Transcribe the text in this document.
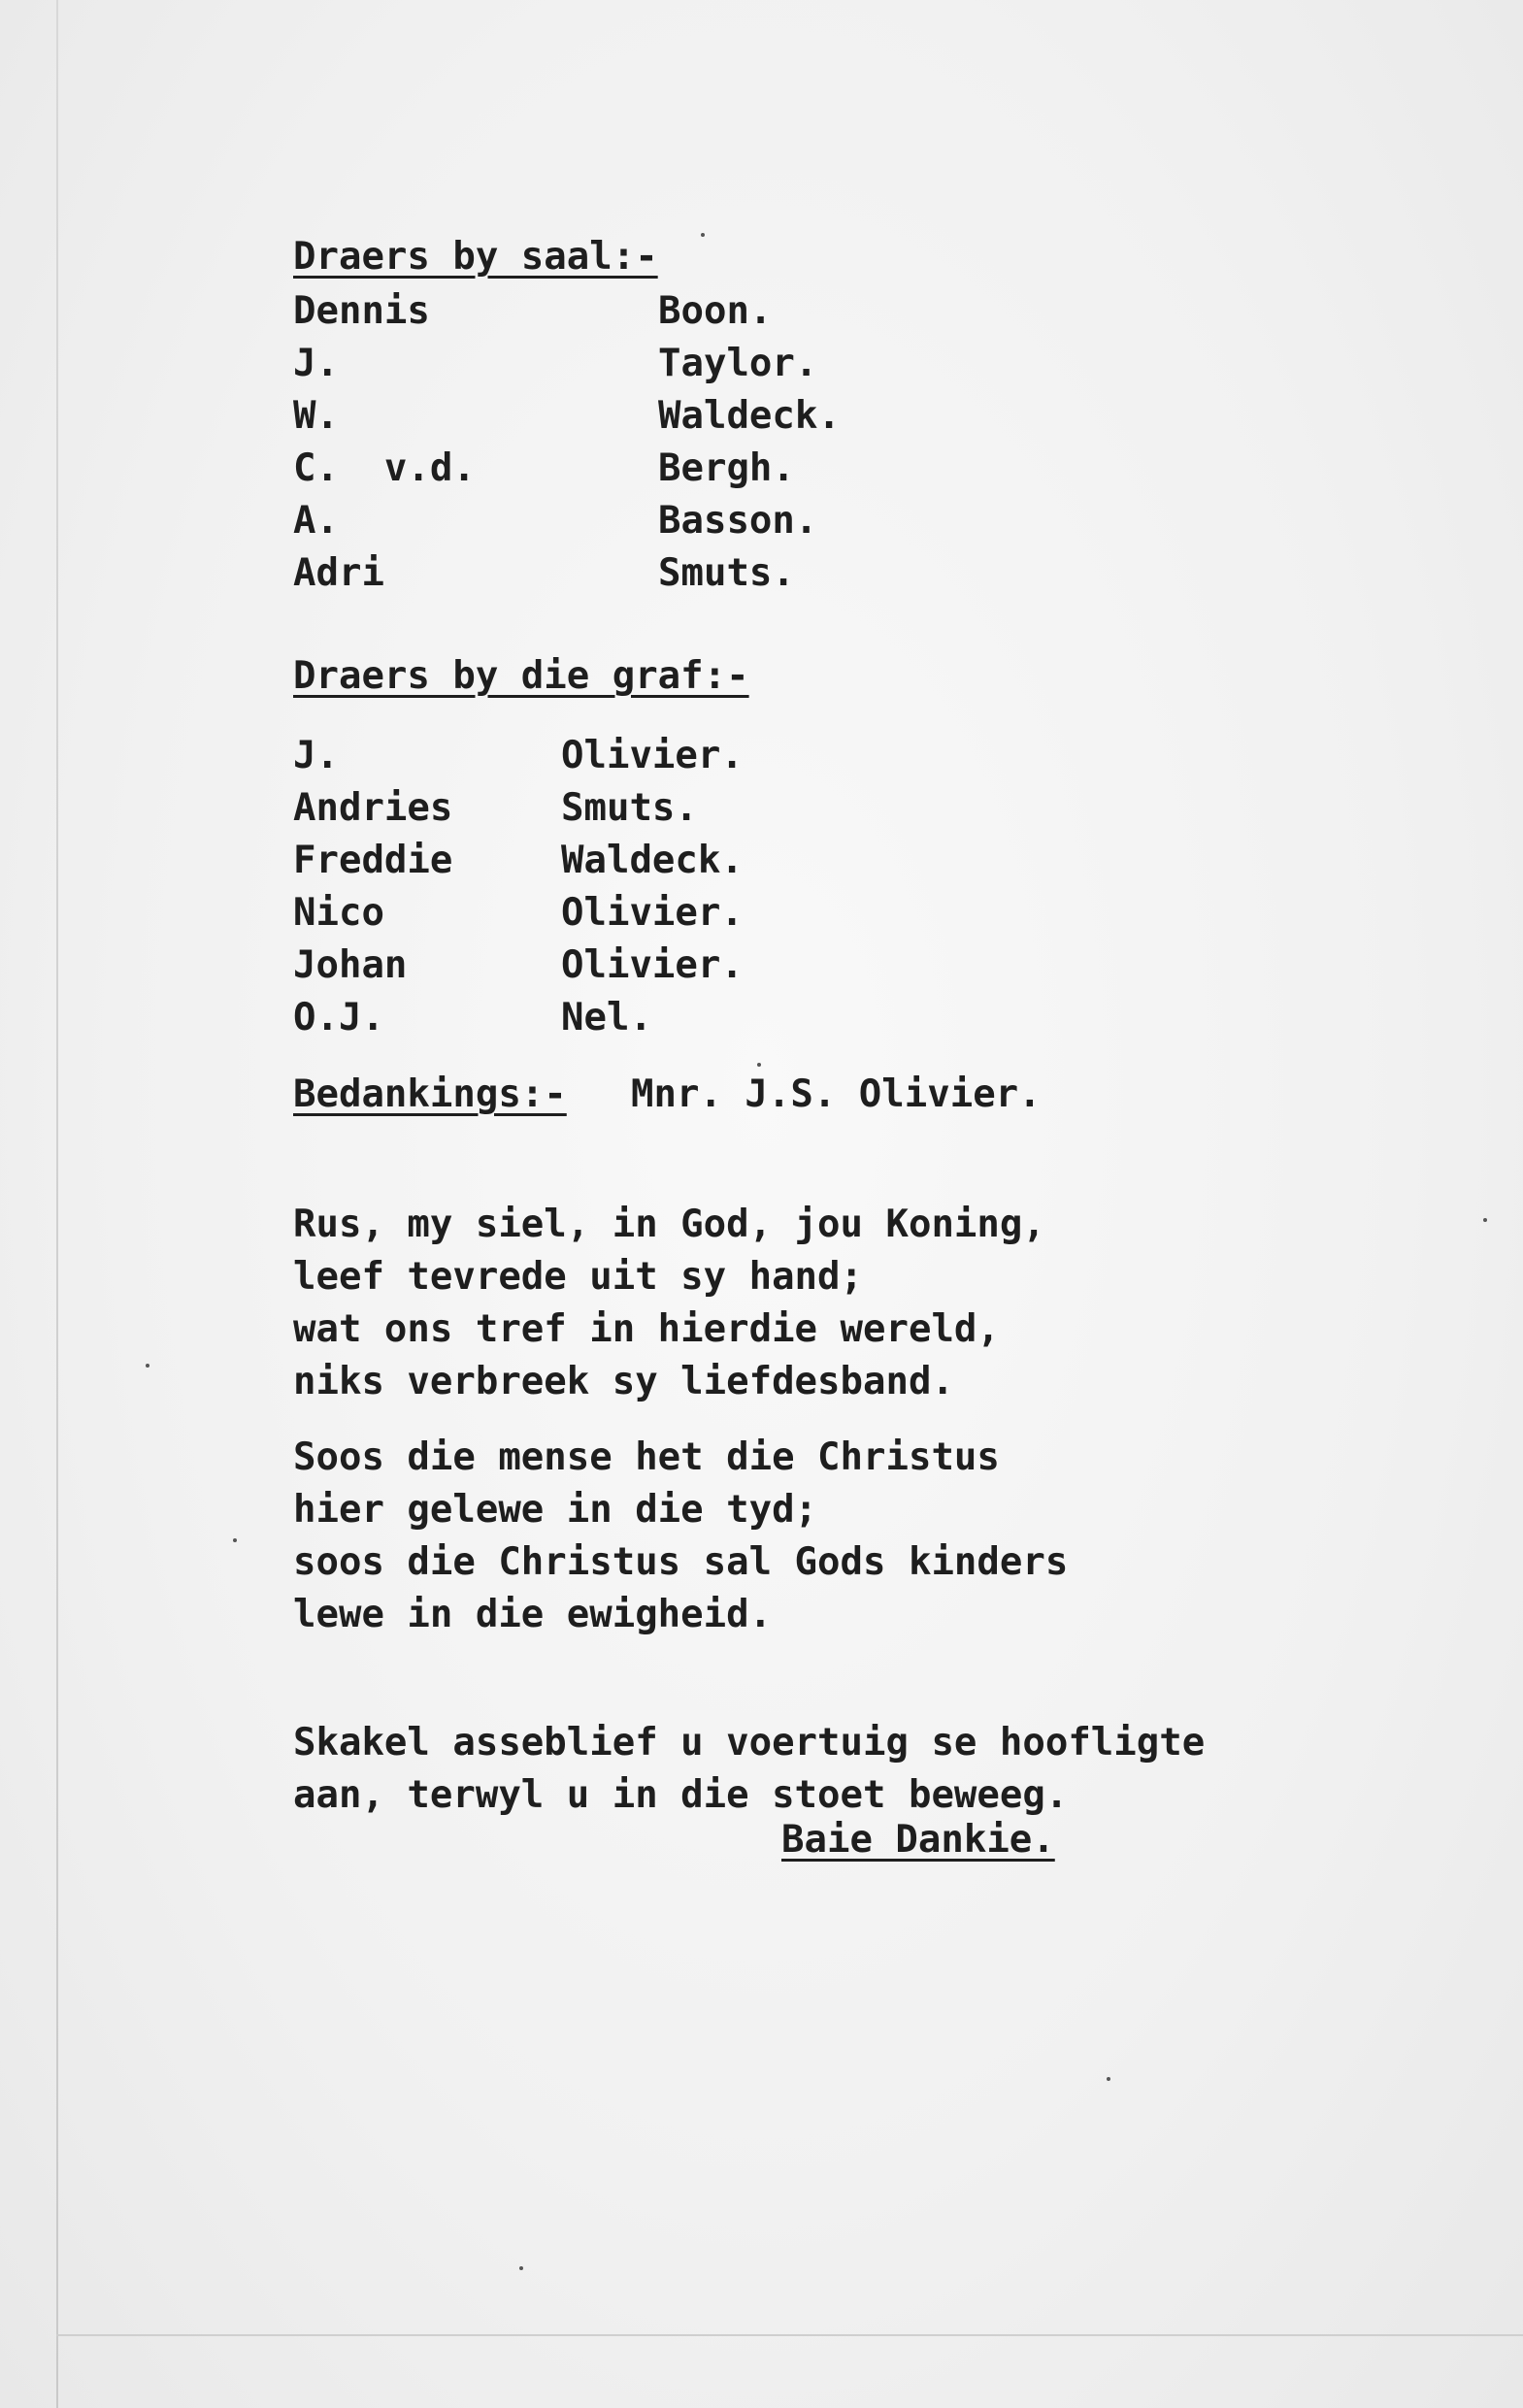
Draers by saal:-
Dennis	Boon.
J.	Taylor.
W.	Waldeck.
C.  v.d.	Bergh.
A.	Basson.
Adri	Smuts.
Draers by die graf:-
J.	Olivier.
Andries	Smuts.
Freddie	Waldeck.
Nico	Olivier.
Johan	Olivier.
O.J.	Nel.
Bedankings:- Mnr. J.S. Olivier.
Rus, my siel, in God, jou Koning,
leef tevrede uit sy hand;
wat ons tref in hierdie wereld,
niks verbreek sy liefdesband.
Soos die mense het die Christus
hier gelewe in die tyd;
soos die Christus sal Gods kinders
lewe in die ewigheid.
Skakel asseblief u voertuig se hoofligte
aan, terwyl u in die stoet beweeg.
Baie Dankie.
